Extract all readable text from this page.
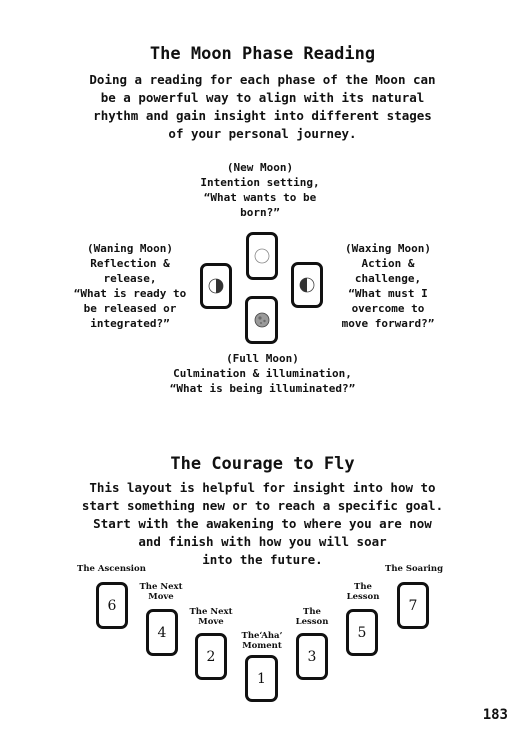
The Moon Phase Reading
Doing a reading for each phase of the Moon can
be a powerful way to align with its natural
rhythm and gain insight into different stages
of your personal journey.
(New Moon)
Intention setting,
“What wants to be
born?”
(Waning Moon)
Reflection &
release,
“What is ready to
be released or
integrated?”
(Waxing Moon)
Action &
challenge,
“What must I
overcome to
move forward?”
(Full Moon)
Culmination & illumination,
“What is being illuminated?”
The Courage to Fly
This layout is helpful for insight into how to
start something new or to reach a specific goal.
Start with the awakening to where you are now
and finish with how you will soar
into the future.
The Ascension	The Soaring
The Next
Move
The
Lesson
The Next
Move
The
Lesson
The‘Aha’
Moment
6
4
2
1
3
5
7
183
